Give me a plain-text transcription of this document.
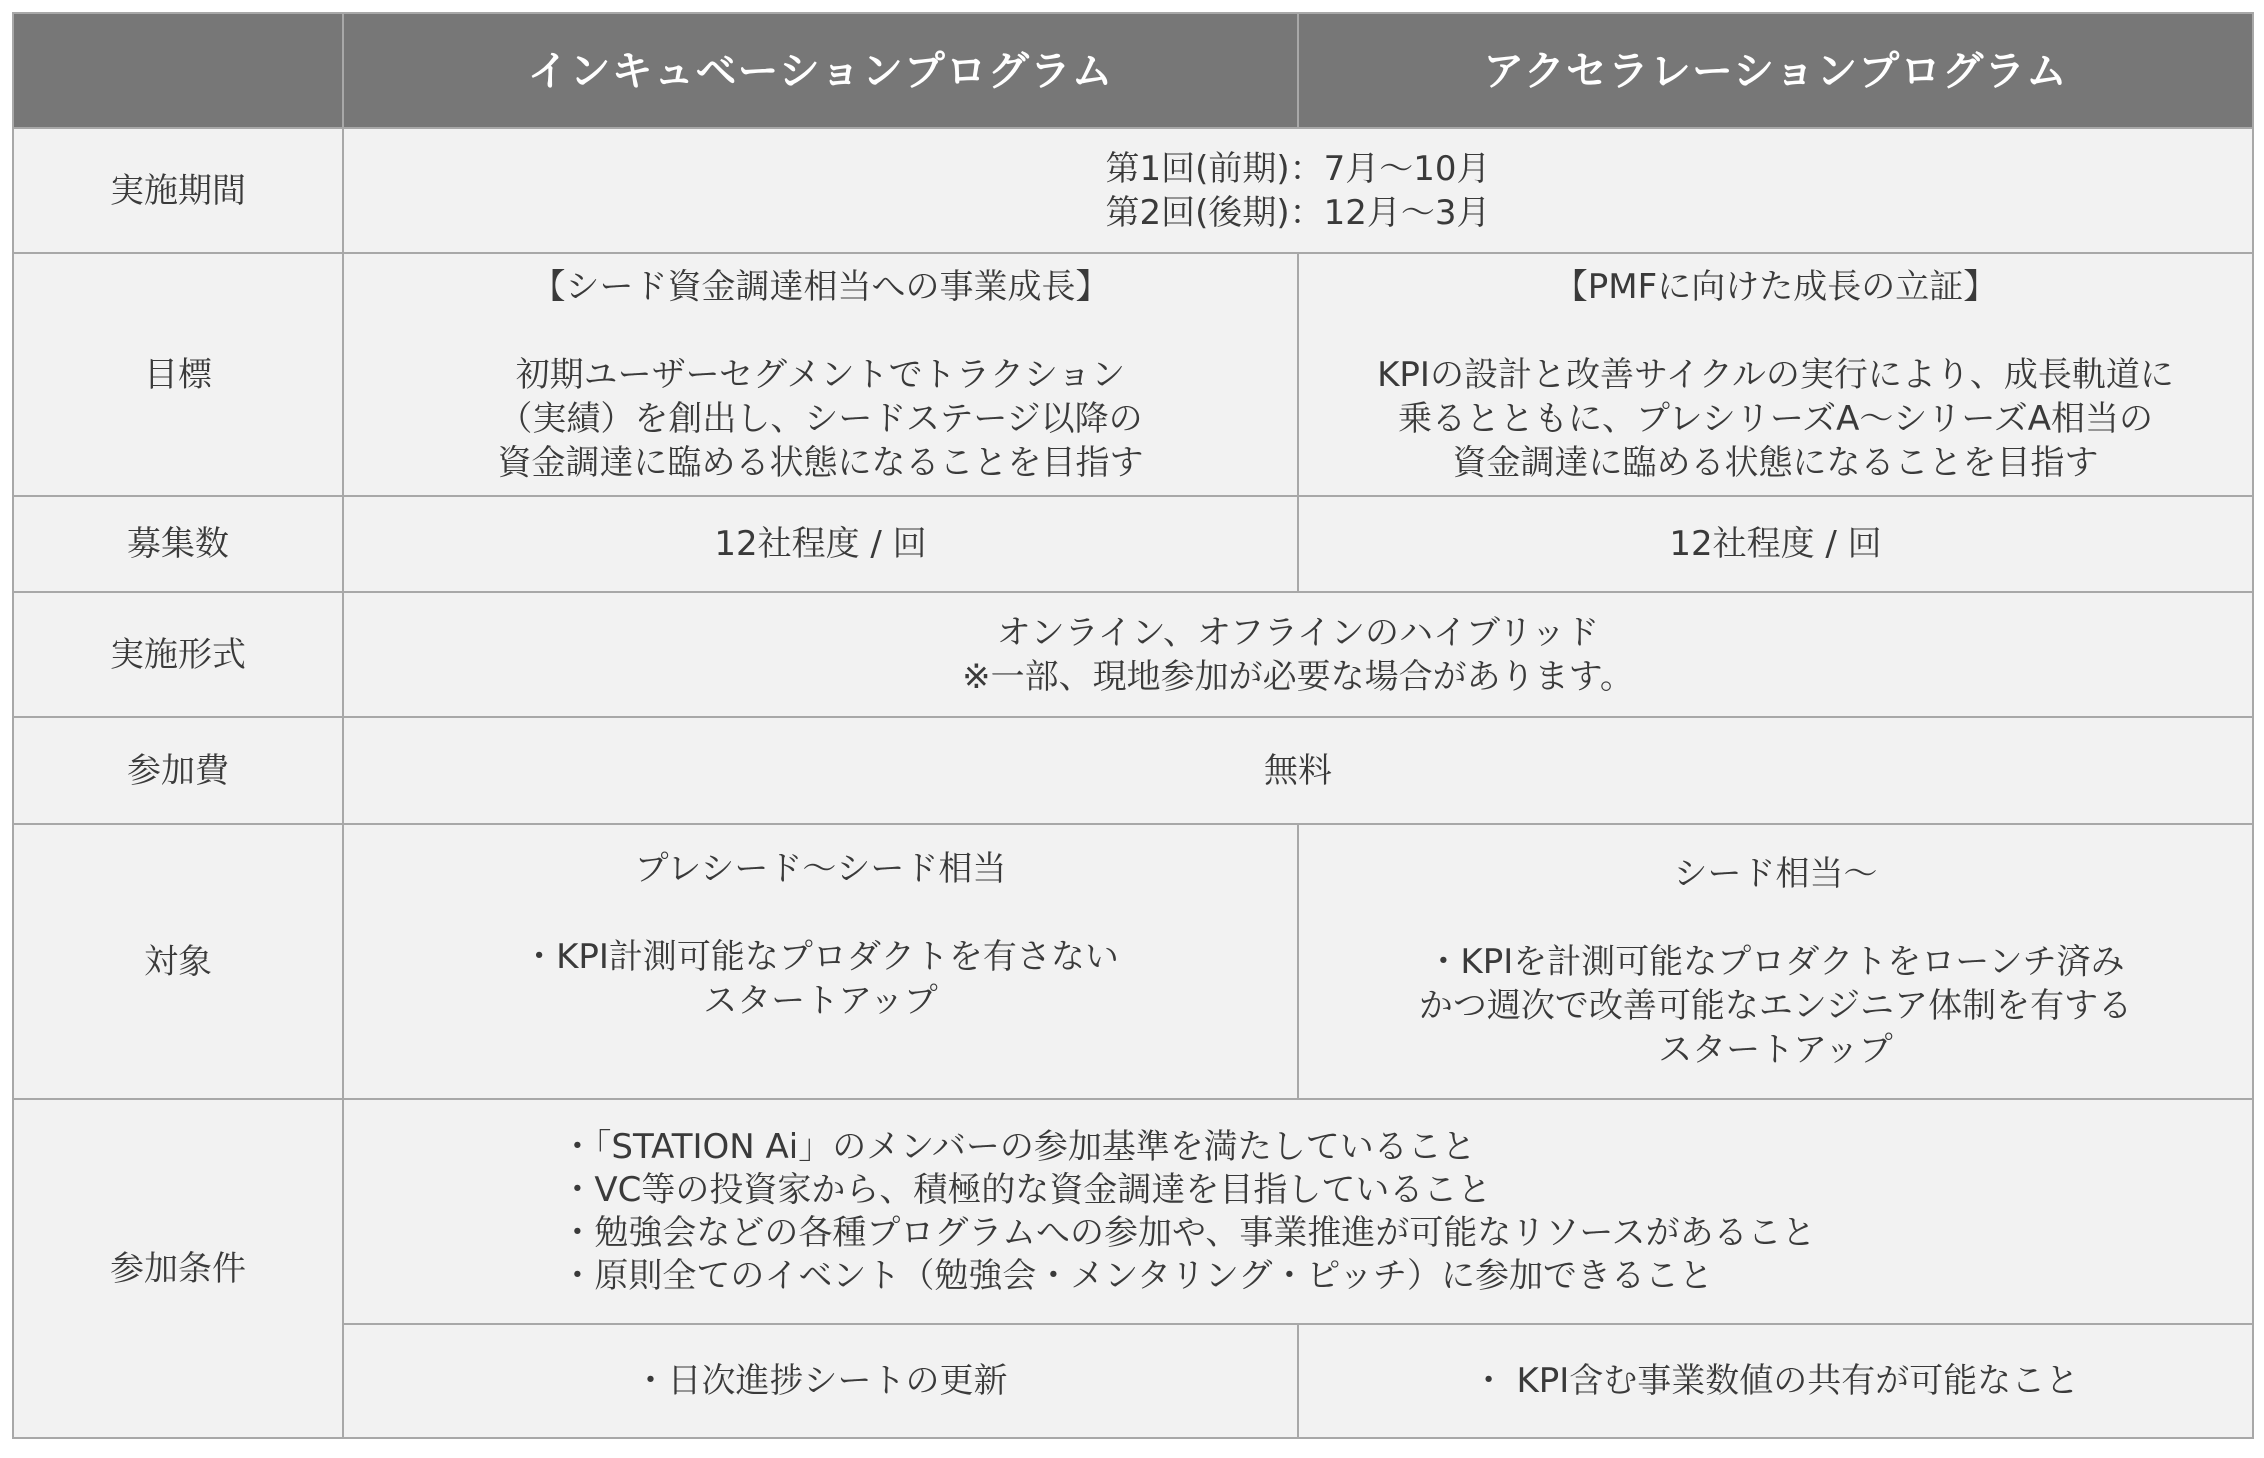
	インキュベーションプログラム	アクセラレーションプログラム
実施期間	第1回(前期)：7月〜10月
第2回(後期)：12月〜3月	

目標	【シード資金調達相当への事業成長】
初期ユーザーセグメントでトラクション
（実績）を創出し、シードステージ以降の
資金調達に臨める状態になることを目指す	【PMFに向けた成長の立証】
KPIの設計と改善サイクルの実行により、成長軌道に
乗るとともに、プレシリーズA〜シリーズA相当の
資金調達に臨める状態になることを目指す

募集数	12社程度 / 回	12社程度 / 回
実施形式	オンライン、オフラインのハイブリッド
※一部、現地参加が必要な場合があります。	

参加費	無料	
対象	プレシード〜シード相当
・KPI計測可能なプロダクトを有さない
スタートアップ	シード相当〜
・KPIを計測可能なプロダクトをローンチ済み
かつ週次で改善可能なエンジニア体制を有する
スタートアップ

参加条件	・「STATION Ai」のメンバーの参加基準を満たしていること
・VC等の投資家から、積極的な資金調達を目指していること
・勉強会などの各種プログラムへの参加や、事業推進が可能なリソースがあること
・原則全てのイベント（勉強会・メンタリング・ピッチ）に参加できること	

	・日次進捗シートの更新	・ KPI含む事業数値の共有が可能なこと
